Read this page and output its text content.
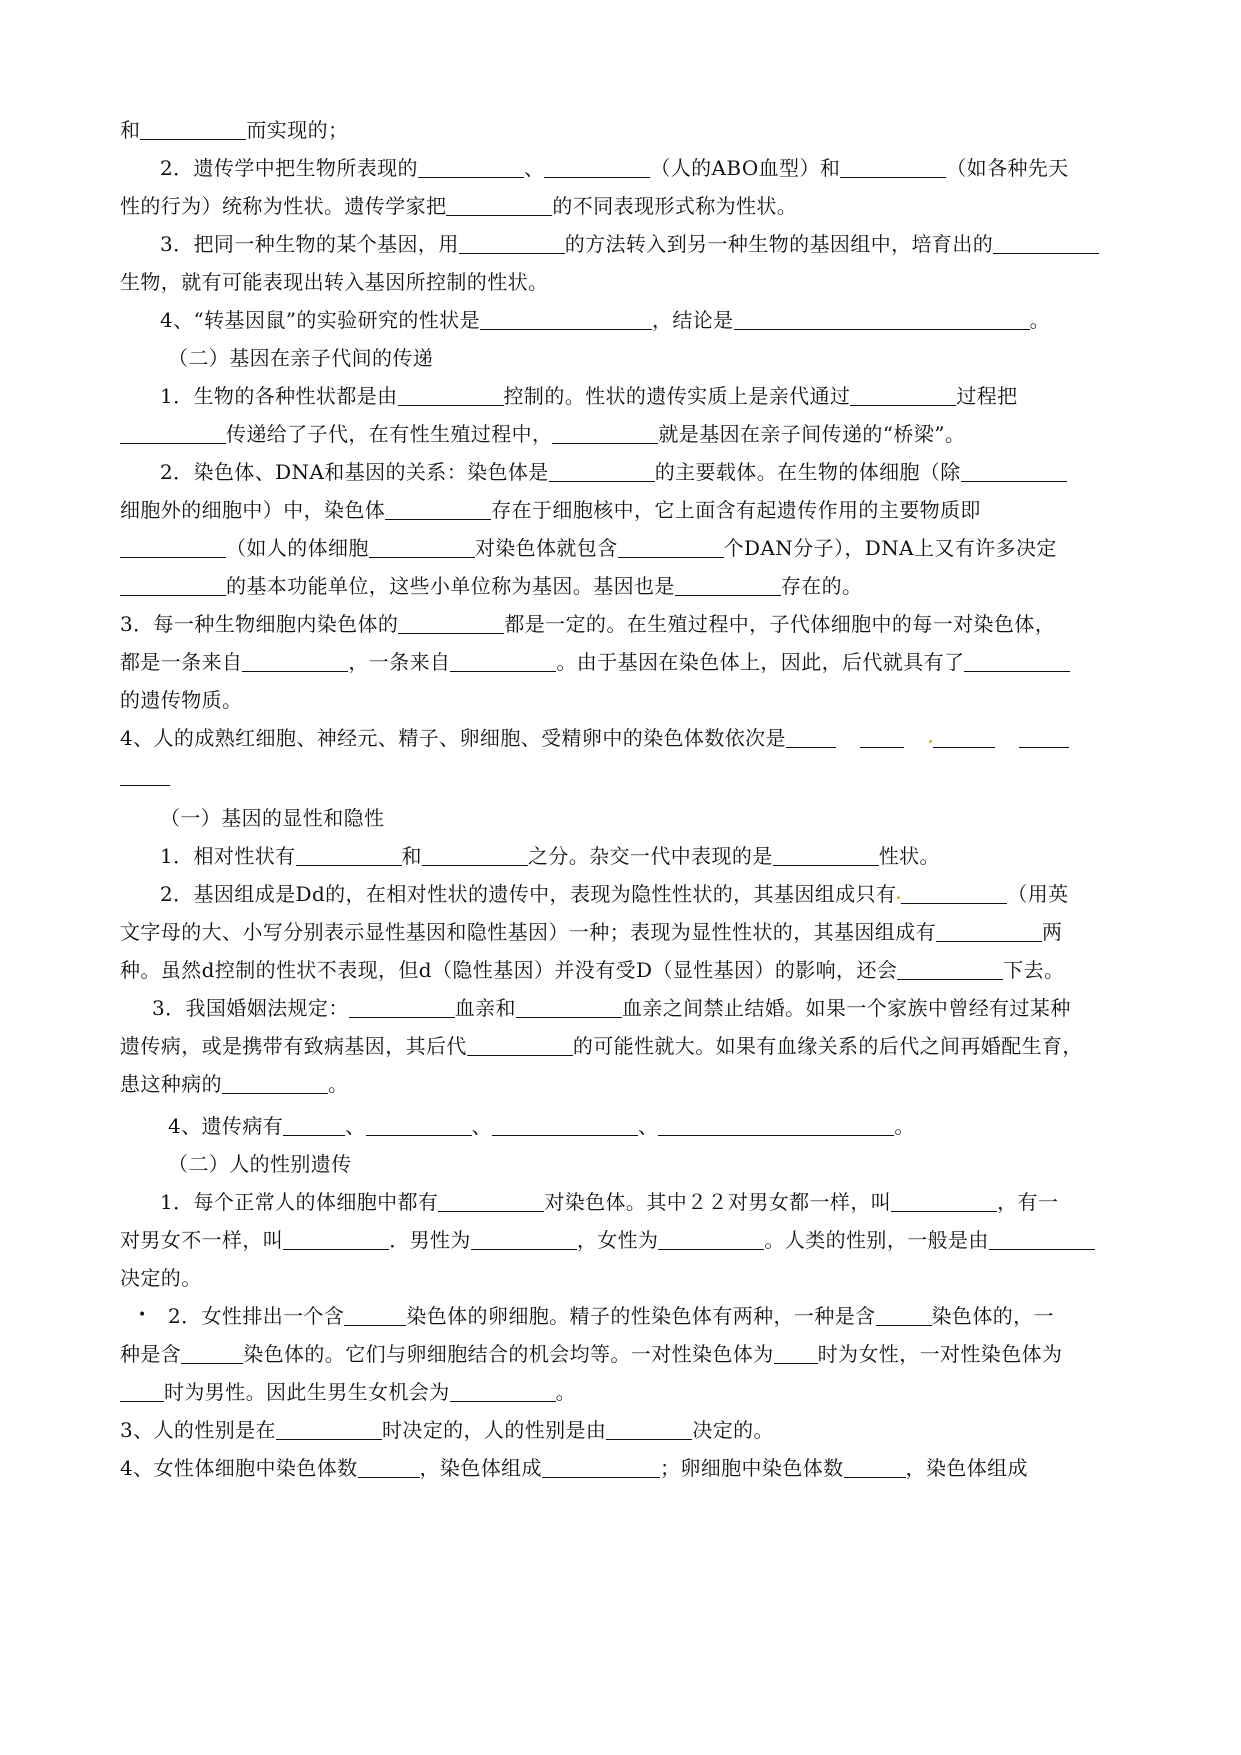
和	而实现的；
2．遗传学中把生物所表现的	、	（人的ABO血型）和	（如各种先天
性的行为）统称为性状。遗传学家把	的不同表现形式称为性状。
3．把同一种生物的某个基因，用	的方法转入到另一种生物的基因组中，培育出的
生物，就有可能表现出转入基因所控制的性状。
4、“转基因鼠”的实验研究的性状是	，结论是	。
（二）基因在亲子代间的传递
1．生物的各种性状都是由	控制的。性状的遗传实质上是亲代通过	过程把
传递给了子代，在有性生殖过程中，	就是基因在亲子间传递的“桥梁”。
2．染色体、DNA和基因的关系：染色体是	的主要载体。在生物的体细胞（除
细胞外的细胞中）中，染色体	存在于细胞核中，它上面含有起遗传作用的主要物质即
（如人的体细胞	对染色体就包含	个DAN分子），DNA上又有许多决定
的基本功能单位，这些小单位称为基因。基因也是	存在的。
3．每一种生物细胞内染色体的	都是一定的。在生殖过程中，子代体细胞中的每一对染色体，
都是一条来自	，一条来自	。由于基因在染色体上，因此，后代就具有了
的遗传物质。
4、人的成熟红细胞、神经元、精子、卵细胞、受精卵中的染色体数依次是
（一）基因的显性和隐性
1．相对性状有	和	之分。杂交一代中表现的是	性状。
2．基因组成是Dd的，在相对性状的遗传中，表现为隐性性状的，其基因组成只有	（用英
文字母的大、小写分别表示显性基因和隐性基因）一种；表现为显性性状的，其基因组成有	两
种。虽然d控制的性状不表现，但d（隐性基因）并没有受D（显性基因）的影响，还会	下去。
3．我国婚姻法规定：	血亲和	血亲之间禁止结婚。如果一个家族中曾经有过某种
遗传病，或是携带有致病基因，其后代	的可能性就大。如果有血缘关系的后代之间再婚配生育，
患这种病的	。
4、遗传病有	、	、	、	。
（二）人的性别遗传
1．每个正常人的体细胞中都有	对染色体。其中２２对男女都一样，叫	，有一
对男女不一样，叫	．男性为	，女性为	。人类的性别，一般是由
决定的。
• 2．女性排出一个含	染色体的卵细胞。精子的性染色体有两种，一种是含	染色体的，一
种是含	染色体的。它们与卵细胞结合的机会均等。一对性染色体为 时为女性，一对性染色体为
时为男性。因此生男生女机会为	。
3、人的性别是在	时决定的，人的性别是由	决定的。
4、女性体细胞中染色体数	，染色体组成	；卵细胞中染色体数	，染色体组成
